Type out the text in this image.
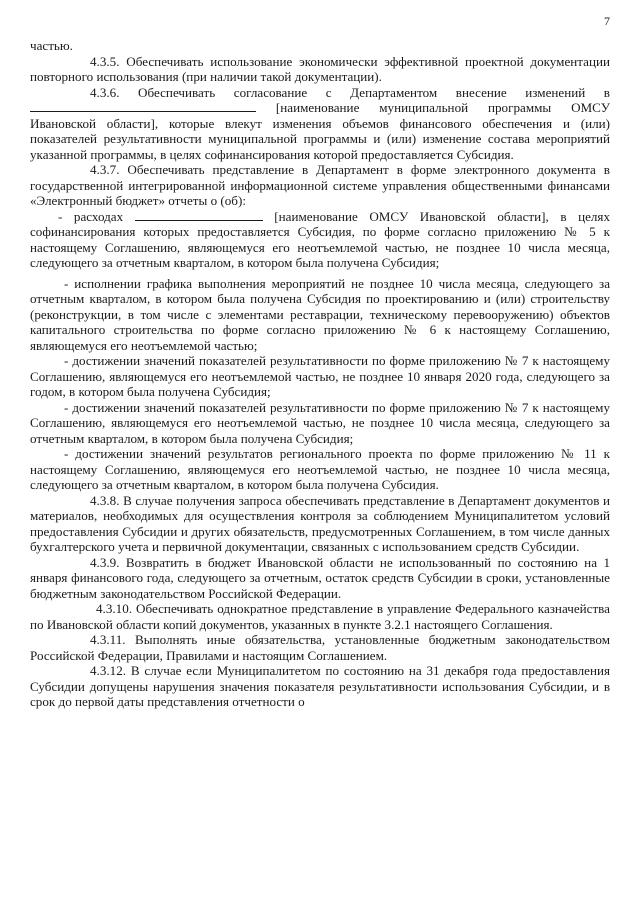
7

частью.

4.3.5. Обеспечивать использование экономически эффективной проектной документации повторного использования (при наличии такой документации).

4.3.6. Обеспечивать согласование с Департаментом внесение изменений в  [наименование муниципальной программы ОМСУ Ивановской области], которые влекут изменения объемов финансового обеспечения и (или) показателей результативности муниципальной программы и (или) изменение состава мероприятий указанной программы, в целях софинансирования которой предоставляется Субсидия.

4.3.7. Обеспечивать представление в Департамент в форме электронного документа в государственной интегрированной информационной системе управления общественными финансами «Электронный бюджет» отчеты о (об):

- расходах	[наименование ОМСУ Ивановской области], в целях софинансирования которых предоставляется Субсидия, по форме согласно приложению № 5 к настоящему Соглашению, являющемуся его неотъемлемой частью, не позднее 10 числа месяца, следующего за отчетным кварталом, в котором была получена Субсидия;

- исполнении графика выполнения мероприятий не позднее 10 числа месяца, следующего за отчетным кварталом, в котором была получена Субсидия по проектированию и (или) строительству (реконструкции, в том числе с элементами реставрации, техническому перевооружению) объектов капитального строительства по форме согласно приложению № 6 к настоящему Соглашению, являющемуся его неотъемлемой частью;

- достижении значений показателей результативности по форме приложению № 7 к настоящему Соглашению, являющемуся его неотъемлемой частью, не позднее 10 января 2020 года, следующего за годом, в котором была получена Субсидия;

- достижении значений показателей результативности по форме приложению № 7 к настоящему Соглашению, являющемуся его неотъемлемой частью, не позднее 10 числа месяца, следующего за отчетным кварталом, в котором была получена Субсидия;

- достижении значений результатов регионального проекта по форме приложению № 11 к настоящему Соглашению, являющемуся его неотъемлемой частью, не позднее 10 числа месяца, следующего за отчетным кварталом, в котором была получена Субсидия.

4.3.8. В случае получения запроса обеспечивать представление в Департамент документов и материалов, необходимых для осуществления контроля за соблюдением Муниципалитетом условий предоставления Субсидии и других обязательств, предусмотренных Соглашением, в том числе данных бухгалтерского учета и первичной документации, связанных с использованием средств Субсидии.

4.3.9. Возвратить в бюджет Ивановской области не использованный по состоянию на 1 января финансового года, следующего за отчетным, остаток средств Субсидии в сроки, установленные бюджетным законодательством Российской Федерации.

4.3.10. Обеспечивать однократное представление в управление Федерального казначейства по Ивановской области копий документов, указанных в пункте 3.2.1 настоящего Соглашения.

4.3.11. Выполнять иные обязательства, установленные бюджетным законодательством Российской Федерации, Правилами и настоящим Соглашением.

4.3.12. В случае если Муниципалитетом по состоянию на 31 декабря года предоставления Субсидии допущены нарушения значения показателя результативности использования Субсидии, и в срок до первой даты представления отчетности о
